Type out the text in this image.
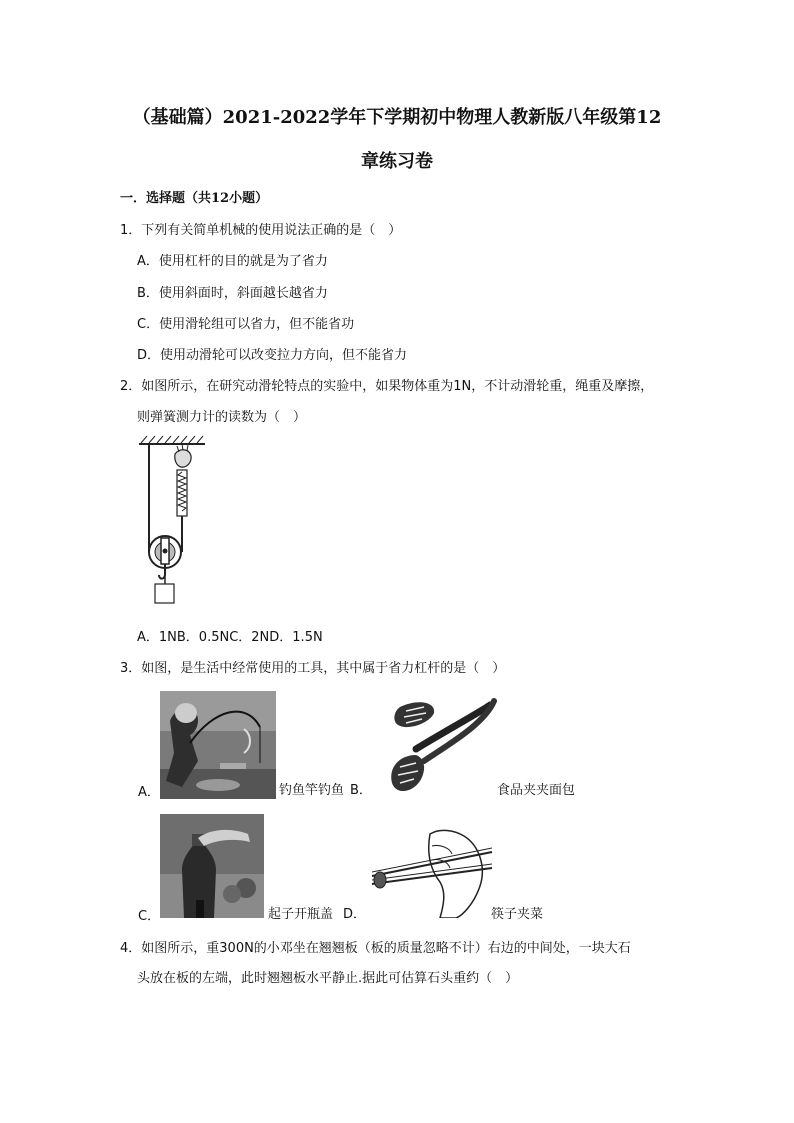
（基础篇）2021-2022学年下学期初中物理人教新版八年级第12
章练习卷
一．选择题（共12小题）
1．下列有关简单机械的使用说法正确的是（　）
A．使用杠杆的目的就是为了省力
B．使用斜面时，斜面越长越省力
C．使用滑轮组可以省力，但不能省功
D．使用动滑轮可以改变拉力方向，但不能省力
2．如图所示，在研究动滑轮特点的实验中，如果物体重为1N，不计动滑轮重，绳重及摩擦，
则弹簧测力计的读数为（　）
A．1NB．0.5NC．2ND．1.5N
3．如图，是生活中经常使用的工具，其中属于省力杠杆的是（　）
A．	钓鱼竿钓鱼 B．	食品夹夹面包
C．	起子开瓶盖 D．	筷子夹菜
4．如图所示，重300N的小邓坐在翘翘板（板的质量忽略不计）右边的中间处，一块大石
头放在板的左端，此时翘翘板水平静止.据此可估算石头重约（　）
